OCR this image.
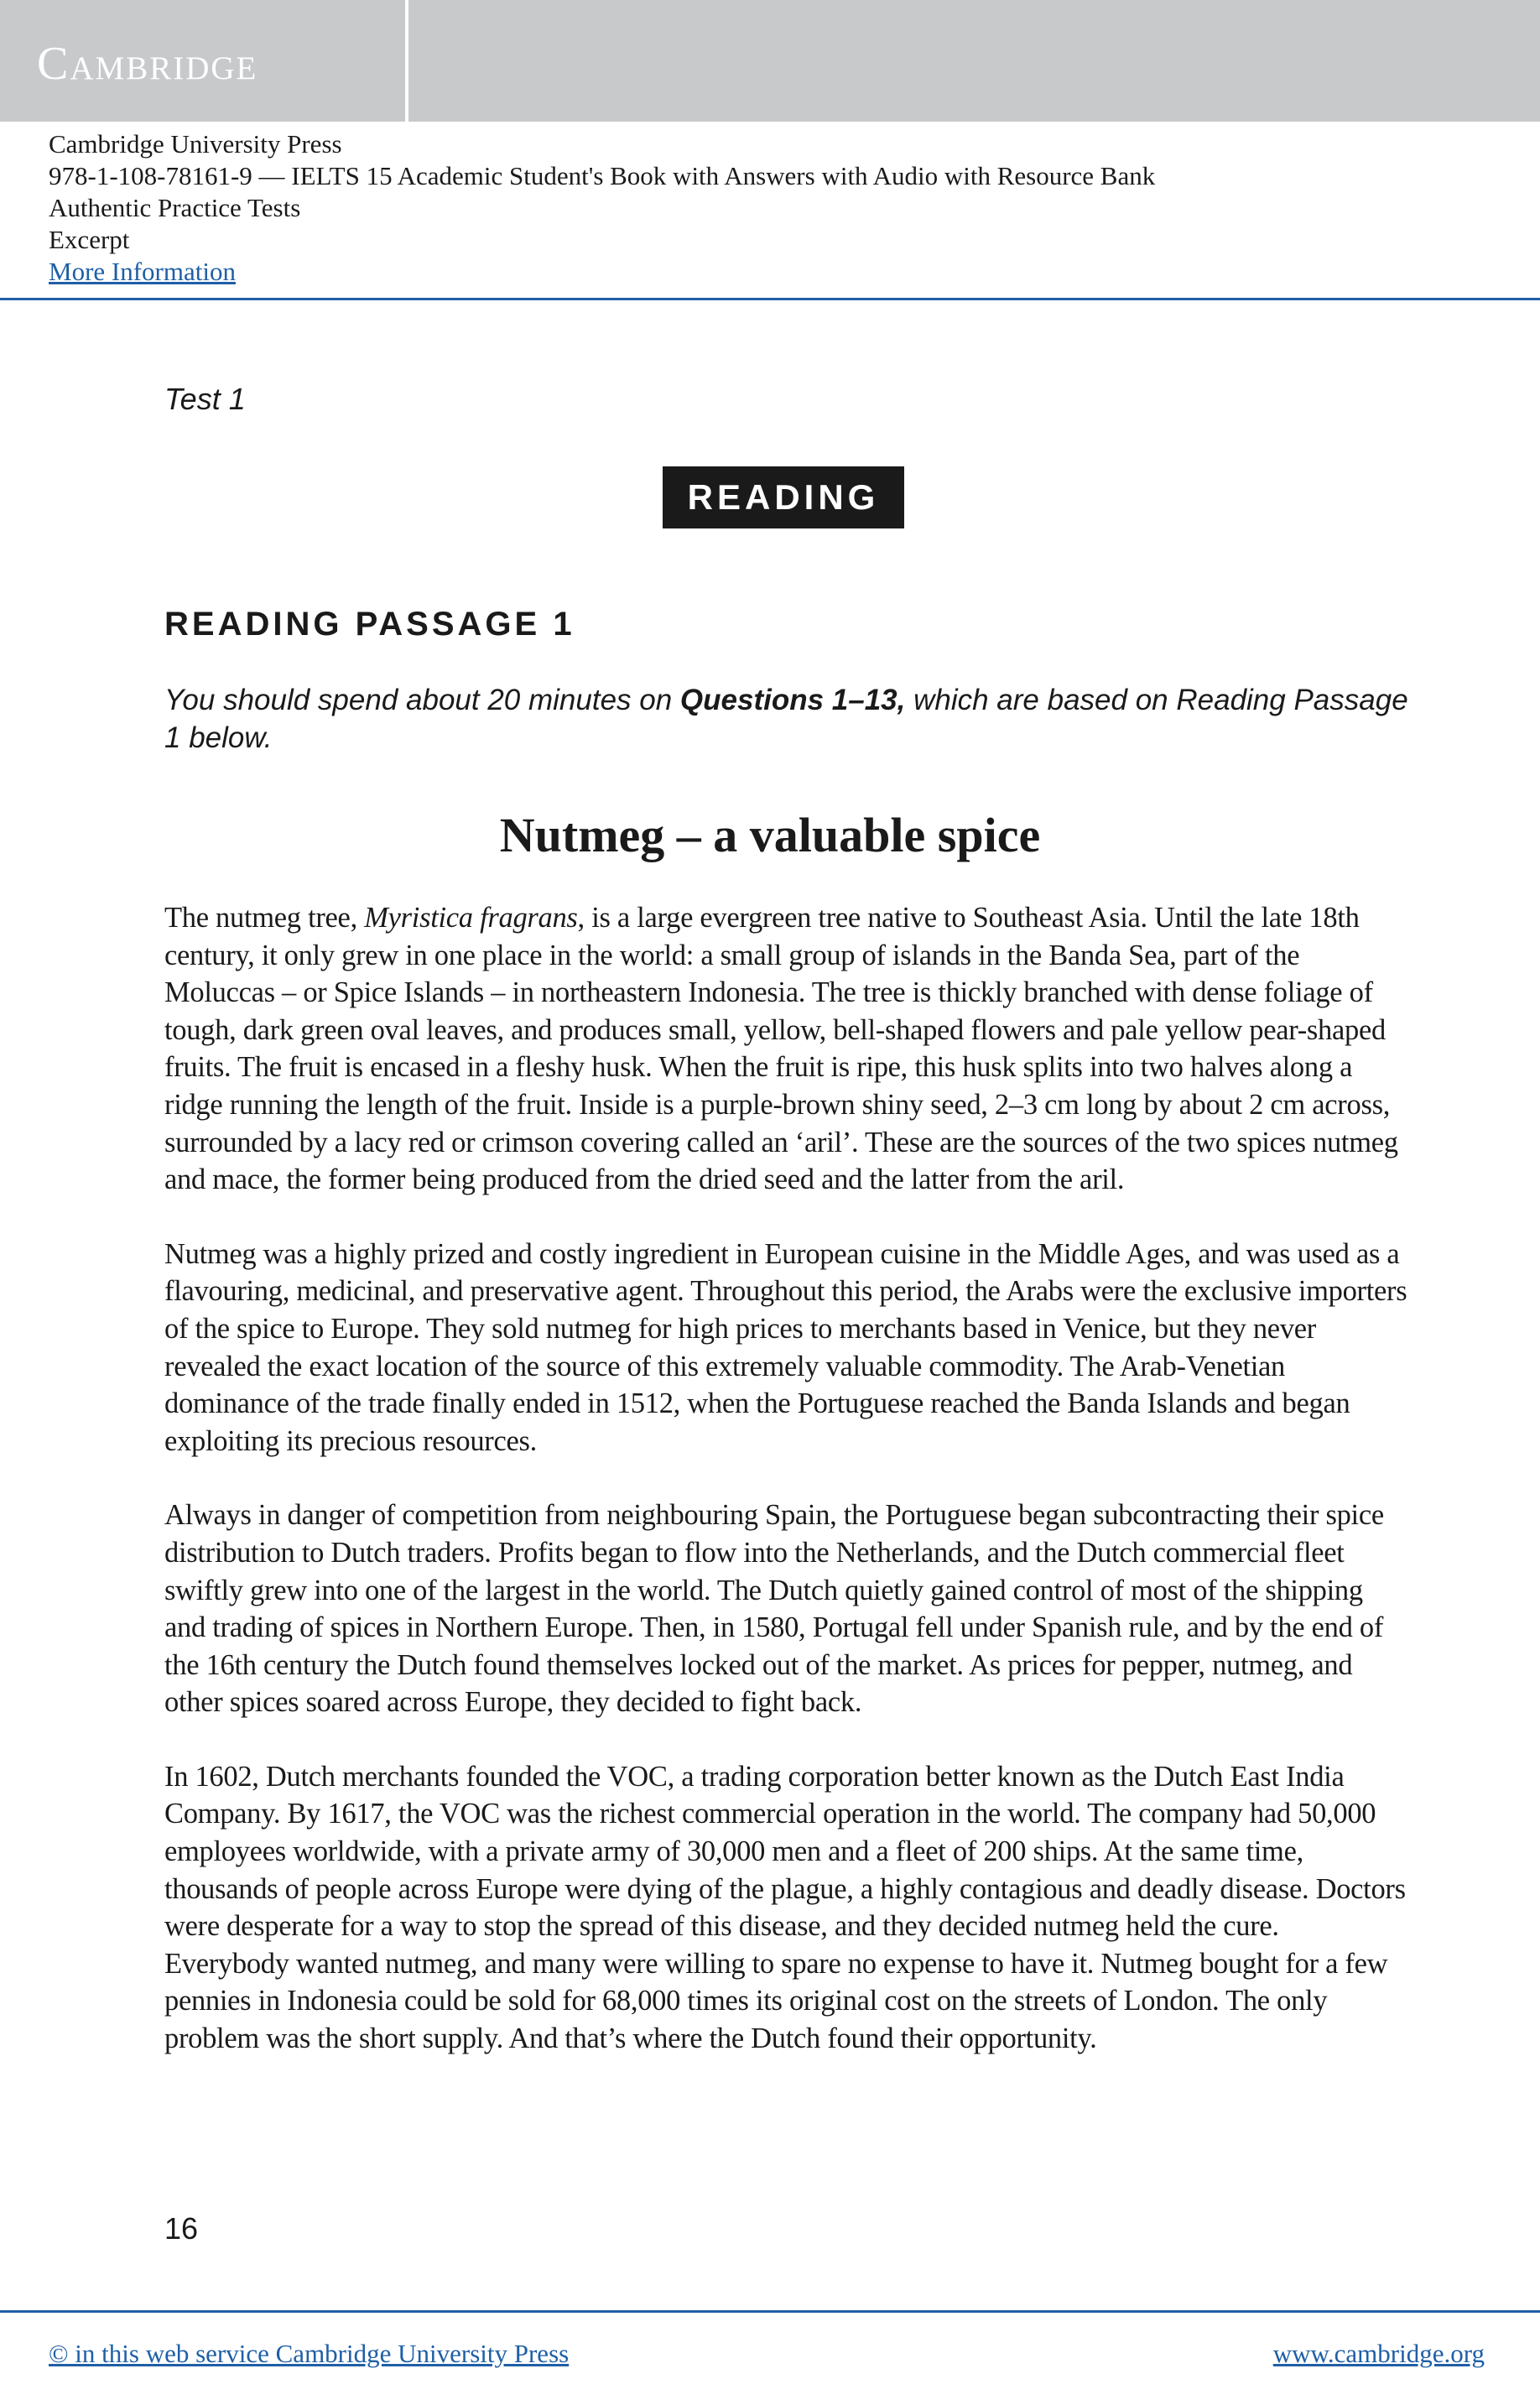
Cambridge
Cambridge University Press
978-1-108-78161-9 — IELTS 15 Academic Student's Book with Answers with Audio with Resource Bank
Authentic Practice Tests
Excerpt
More Information
Test 1
READING
READING PASSAGE 1
You should spend about 20 minutes on Questions 1–13, which are based on Reading Passage 1 below.
Nutmeg – a valuable spice

The nutmeg tree, Myristica fragrans, is a large evergreen tree native to Southeast Asia. Until the late 18th century, it only grew in one place in the world: a small group of islands in the Banda Sea, part of the Moluccas – or Spice Islands – in northeastern Indonesia. The tree is thickly branched with dense foliage of tough, dark green oval leaves, and produces small, yellow, bell-shaped flowers and pale yellow pear-shaped fruits. The fruit is encased in a fleshy husk. When the fruit is ripe, this husk splits into two halves along a ridge running the length of the fruit. Inside is a purple-brown shiny seed, 2–3 cm long by about 2 cm across, surrounded by a lacy red or crimson covering called an ‘aril’. These are the sources of the two spices nutmeg and mace, the former being produced from the dried seed and the latter from the aril.

Nutmeg was a highly prized and costly ingredient in European cuisine in the Middle Ages, and was used as a flavouring, medicinal, and preservative agent. Throughout this period, the Arabs were the exclusive importers of the spice to Europe. They sold nutmeg for high prices to merchants based in Venice, but they never revealed the exact location of the source of this extremely valuable commodity. The Arab-Venetian dominance of the trade finally ended in 1512, when the Portuguese reached the Banda Islands and began exploiting its precious resources.

Always in danger of competition from neighbouring Spain, the Portuguese began subcontracting their spice distribution to Dutch traders. Profits began to flow into the Netherlands, and the Dutch commercial fleet swiftly grew into one of the largest in the world. The Dutch quietly gained control of most of the shipping and trading of spices in Northern Europe. Then, in 1580, Portugal fell under Spanish rule, and by the end of the 16th century the Dutch found themselves locked out of the market. As prices for pepper, nutmeg, and other spices soared across Europe, they decided to fight back.

In 1602, Dutch merchants founded the VOC, a trading corporation better known as the Dutch East India Company. By 1617, the VOC was the richest commercial operation in the world. The company had 50,000 employees worldwide, with a private army of 30,000 men and a fleet of 200 ships. At the same time, thousands of people across Europe were dying of the plague, a highly contagious and deadly disease. Doctors were desperate for a way to stop the spread of this disease, and they decided nutmeg held the cure. Everybody wanted nutmeg, and many were willing to spare no expense to have it. Nutmeg bought for a few pennies in Indonesia could be sold for 68,000 times its original cost on the streets of London. The only problem was the short supply. And that’s where the Dutch found their opportunity.

16
© in this web service Cambridge University Press	www.cambridge.org
